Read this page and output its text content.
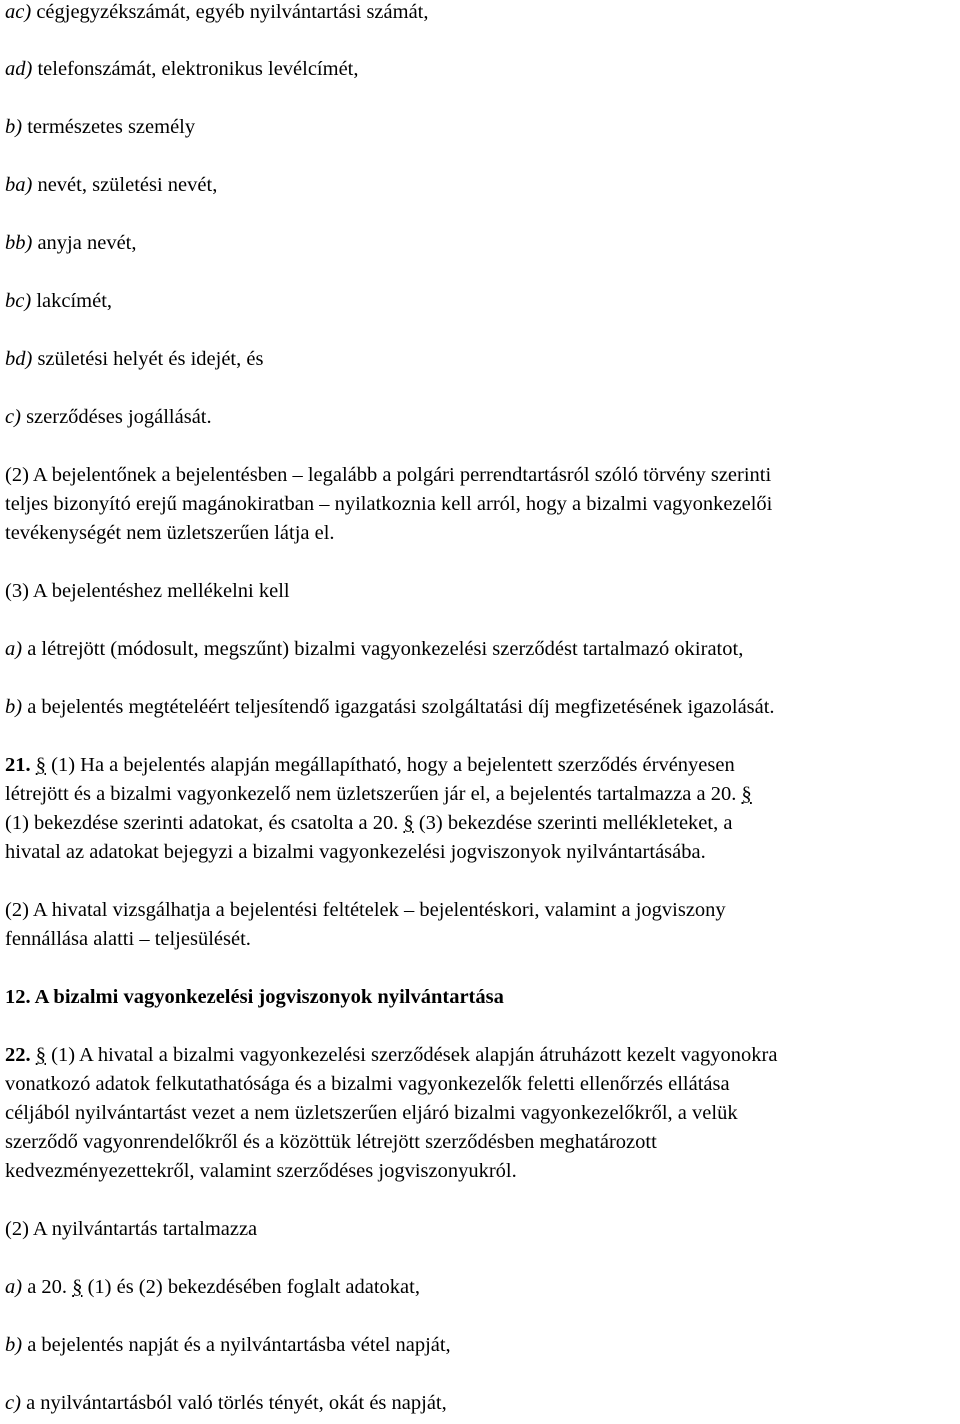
ac) cégjegyzékszámát, egyéb nyilvántartási számát,
ad) telefonszámát, elektronikus levélcímét,
b) természetes személy
ba) nevét, születési nevét,
bb) anyja nevét,
bc) lakcímét,
bd) születési helyét és idejét, és
c) szerződéses jogállását.
(2) A bejelentőnek a bejelentésben – legalább a polgári perrendtartásról szóló törvény szerinti
teljes bizonyító erejű magánokiratban – nyilatkoznia kell arról, hogy a bizalmi vagyonkezelői
tevékenységét nem üzletszerűen látja el.
(3) A bejelentéshez mellékelni kell
a) a létrejött (módosult, megszűnt) bizalmi vagyonkezelési szerződést tartalmazó okiratot,
b) a bejelentés megtételéért teljesítendő igazgatási szolgáltatási díj megfizetésének igazolását.
21. § (1) Ha a bejelentés alapján megállapítható, hogy a bejelentett szerződés érvényesen
létrejött és a bizalmi vagyonkezelő nem üzletszerűen jár el, a bejelentés tartalmazza a 20. §
(1) bekezdése szerinti adatokat, és csatolta a 20. § (3) bekezdése szerinti mellékleteket, a
hivatal az adatokat bejegyzi a bizalmi vagyonkezelési jogviszonyok nyilvántartásába.
(2) A hivatal vizsgálhatja a bejelentési feltételek – bejelentéskori, valamint a jogviszony
fennállása alatti – teljesülését.
12. A bizalmi vagyonkezelési jogviszonyok nyilvántartása
22. § (1) A hivatal a bizalmi vagyonkezelési szerződések alapján átruházott kezelt vagyonokra
vonatkozó adatok felkutathatósága és a bizalmi vagyonkezelők feletti ellenőrzés ellátása
céljából nyilvántartást vezet a nem üzletszerűen eljáró bizalmi vagyonkezelőkről, a velük
szerződő vagyonrendelőkről és a közöttük létrejött szerződésben meghatározott
kedvezményezettekről, valamint szerződéses jogviszonyukról.
(2) A nyilvántartás tartalmazza
a) a 20. § (1) és (2) bekezdésében foglalt adatokat,
b) a bejelentés napját és a nyilvántartásba vétel napját,
c) a nyilvántartásból való törlés tényét, okát és napját,
